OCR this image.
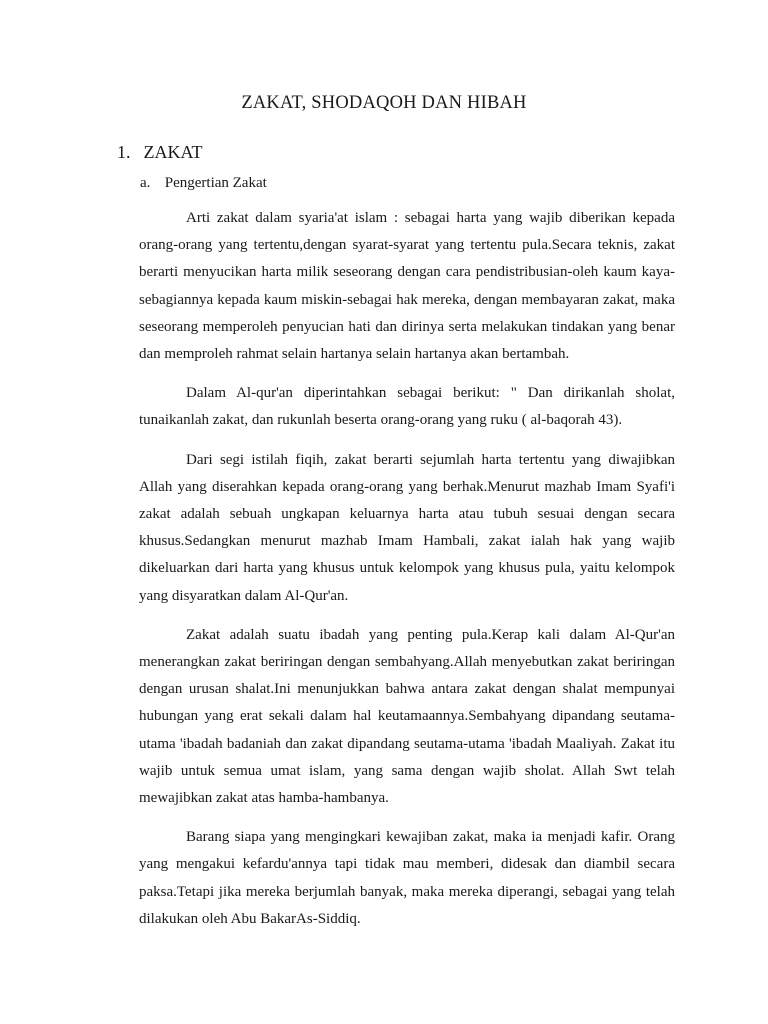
ZAKAT, SHODAQOH DAN HIBAH
1. ZAKAT
a. Pengertian Zakat

Arti zakat dalam syaria'at islam : sebagai harta yang wajib diberikan kepada orang-orang yang tertentu,dengan syarat-syarat yang tertentu pula.Secara teknis, zakat berarti menyucikan harta milik seseorang dengan cara pendistribusian-oleh kaum kaya-sebagiannya kepada kaum miskin-sebagai hak mereka, dengan membayaran zakat, maka seseorang memperoleh penyucian hati dan dirinya serta melakukan tindakan yang benar dan memproleh rahmat selain hartanya selain hartanya akan bertambah.

Dalam Al-qur'an diperintahkan sebagai berikut: " Dan dirikanlah sholat, tunaikanlah zakat, dan rukunlah beserta orang-orang yang ruku ( al-baqorah 43).

Dari segi istilah fiqih, zakat berarti sejumlah harta tertentu yang diwajibkan Allah yang diserahkan kepada orang-orang yang berhak.Menurut mazhab Imam Syafi'i zakat adalah sebuah ungkapan keluarnya harta atau tubuh sesuai dengan secara khusus.Sedangkan menurut mazhab Imam Hambali, zakat ialah hak yang wajib dikeluarkan dari harta yang khusus untuk kelompok yang khusus pula, yaitu kelompok yang disyaratkan dalam Al-Qur'an.

Zakat adalah suatu ibadah yang penting pula.Kerap kali dalam Al-Qur'an menerangkan zakat beriringan dengan sembahyang.Allah menyebutkan zakat beriringan dengan urusan shalat.Ini menunjukkan bahwa antara zakat dengan shalat mempunyai hubungan yang erat sekali dalam hal keutamaannya.Sembahyang dipandang seutama-utama 'ibadah badaniah dan zakat dipandang seutama-utama 'ibadah Maaliyah. Zakat itu wajib untuk semua umat islam, yang sama dengan wajib sholat. Allah Swt telah mewajibkan zakat atas hamba-hambanya.

Barang siapa yang mengingkari kewajiban zakat, maka ia menjadi kafir. Orang yang mengakui kefardu'annya tapi tidak mau memberi, didesak dan diambil secara paksa.Tetapi jika mereka berjumlah banyak, maka mereka diperangi, sebagai yang telah dilakukan oleh Abu BakarAs-Siddiq.
